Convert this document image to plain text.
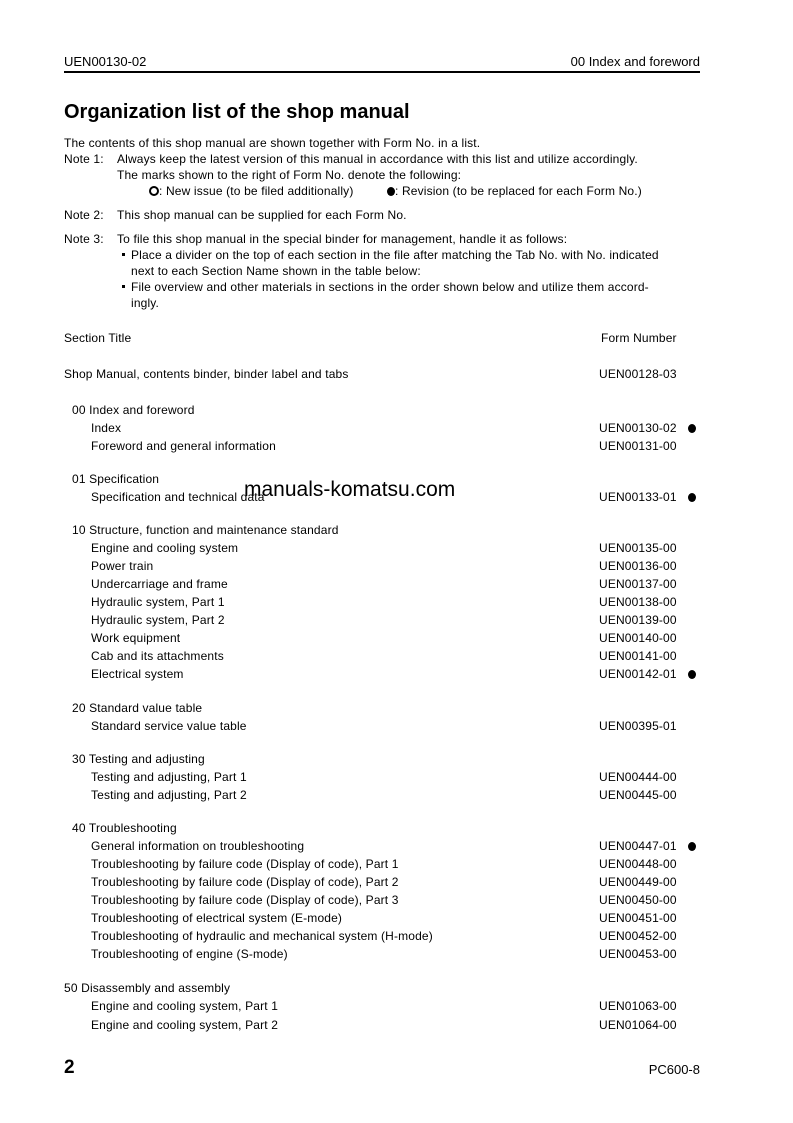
UEN00130-02	00 Index and foreword
Organization list of the shop manual
The contents of this shop manual are shown together with Form No. in a list.
Note 1: Always keep the latest version of this manual in accordance with this list and utilize accordingly.
The marks shown to the right of Form No. denote the following:
: New issue (to be filed additionally)	: Revision (to be replaced for each Form No.)
Note 2: This shop manual can be supplied for each Form No.
Note 3: To file this shop manual in the special binder for management, handle it as follows:
Place a divider on the top of each section in the file after matching the Tab No. with No. indicated
next to each Section Name shown in the table below:
File overview and other materials in sections in the order shown below and utilize them accord-
ingly.
Section Title	Form Number
Shop Manual, contents binder, binder label and tabs	UEN00128-03
00 Index and foreword
Index	UEN00130-02
Foreword and general information	UEN00131-00
01 Specification
Specification and technical data	UEN00133-01
manuals-komatsu.com
10 Structure, function and maintenance standard
Engine and cooling system	UEN00135-00
Power train	UEN00136-00
Undercarriage and frame	UEN00137-00
Hydraulic system, Part 1	UEN00138-00
Hydraulic system, Part 2	UEN00139-00
Work equipment	UEN00140-00
Cab and its attachments	UEN00141-00
Electrical system	UEN00142-01
20 Standard value table
Standard service value table	UEN00395-01
30 Testing and adjusting
Testing and adjusting, Part 1	UEN00444-00
Testing and adjusting, Part 2	UEN00445-00
40 Troubleshooting
General information on troubleshooting	UEN00447-01
Troubleshooting by failure code (Display of code), Part 1	UEN00448-00
Troubleshooting by failure code (Display of code), Part 2	UEN00449-00
Troubleshooting by failure code (Display of code), Part 3	UEN00450-00
Troubleshooting of electrical system (E-mode)	UEN00451-00
Troubleshooting of hydraulic and mechanical system (H-mode)	UEN00452-00
Troubleshooting of engine (S-mode)	UEN00453-00
50 Disassembly and assembly
Engine and cooling system, Part 1	UEN01063-00
Engine and cooling system, Part 2	UEN01064-00
2	PC600-8
